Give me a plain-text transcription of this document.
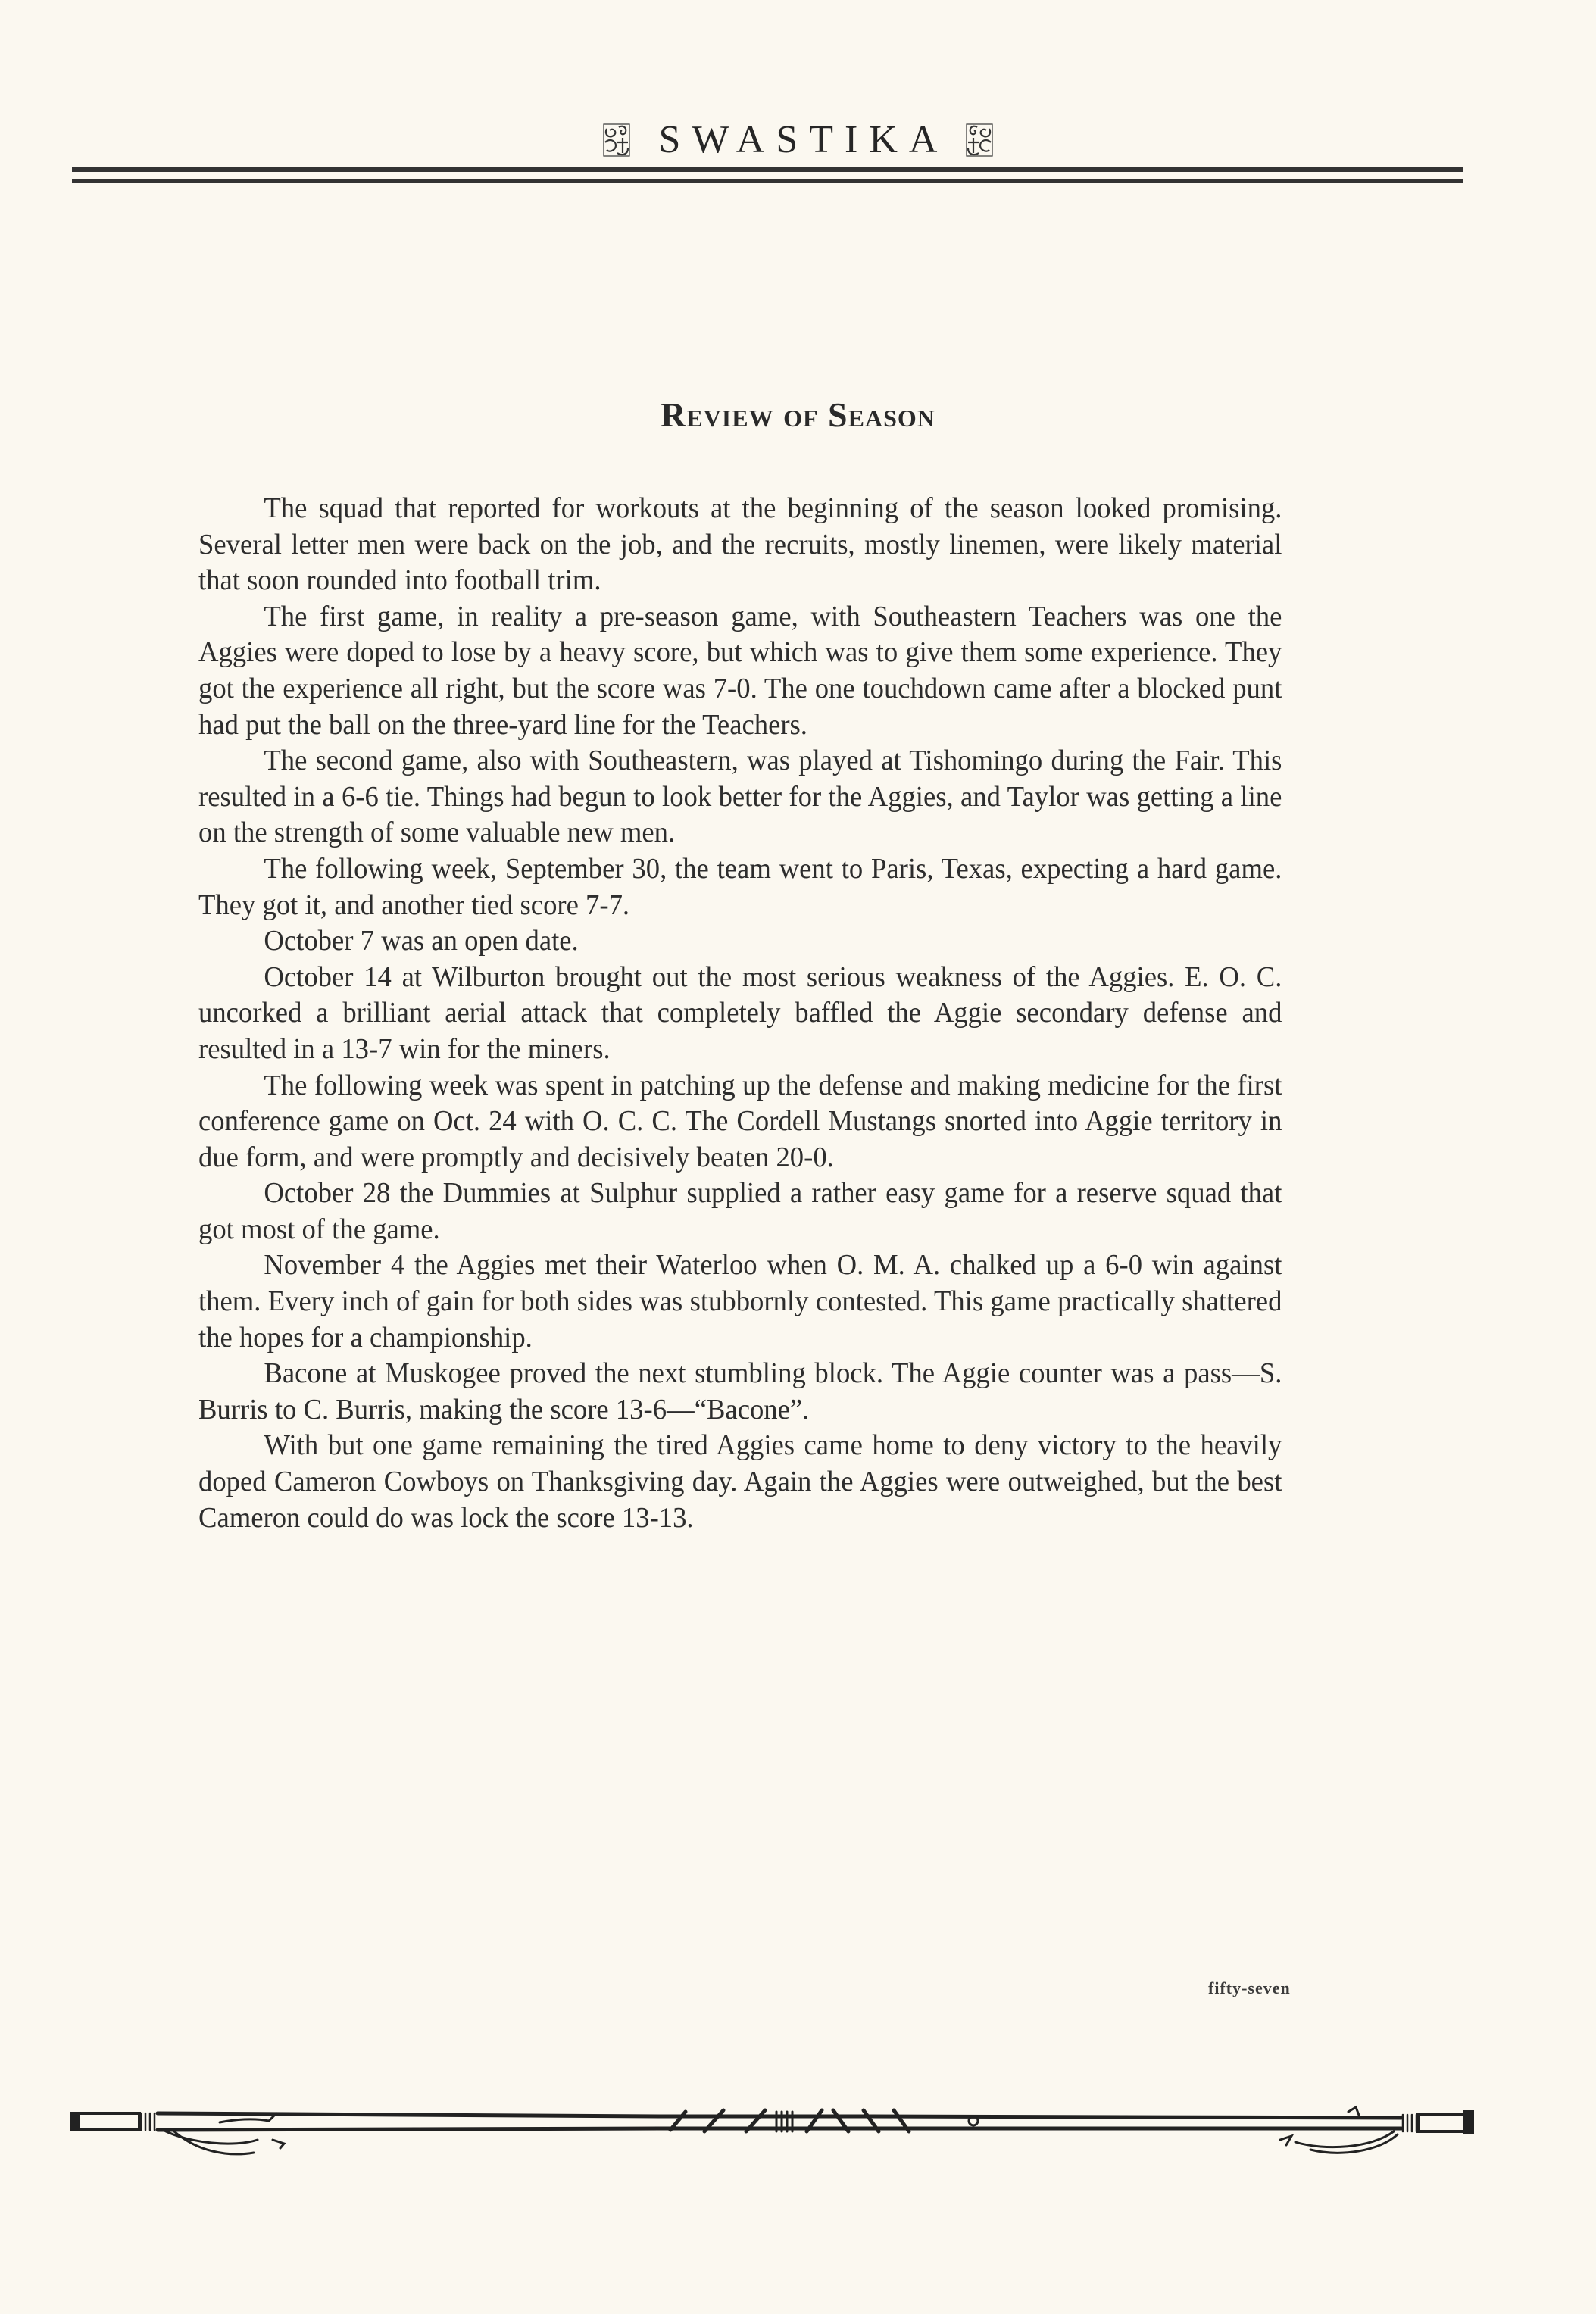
SWASTIKA
Review of Season

The squad that reported for workouts at the beginning of the season looked promising. Several letter men were back on the job, and the recruits, mostly linemen, were likely material that soon rounded into football trim.

The first game, in reality a pre-season game, with Southeastern Teachers was one the Aggies were doped to lose by a heavy score, but which was to give them some experience. They got the experience all right, but the score was 7-0. The one touchdown came after a blocked punt had put the ball on the three-yard line for the Teachers.

The second game, also with Southeastern, was played at Tishomingo during the Fair. This resulted in a 6-6 tie. Things had begun to look better for the Aggies, and Taylor was getting a line on the strength of some valuable new men.

The following week, September 30, the team went to Paris, Texas, expecting a hard game. They got it, and another tied score 7-7.

October 7 was an open date.

October 14 at Wilburton brought out the most serious weakness of the Aggies. E. O. C. uncorked a brilliant aerial attack that completely baffled the Aggie secondary defense and resulted in a 13-7 win for the miners.

The following week was spent in patching up the defense and making medicine for the first conference game on Oct. 24 with O. C. C. The Cordell Mustangs snorted into Aggie territory in due form, and were promptly and decisively beaten 20-0.

October 28 the Dummies at Sulphur supplied a rather easy game for a reserve squad that got most of the game.

November 4 the Aggies met their Waterloo when O. M. A. chalked up a 6-0 win against them. Every inch of gain for both sides was stubbornly contested. This game practically shattered the hopes for a championship.

Bacone at Muskogee proved the next stumbling block. The Aggie counter was a pass—S. Burris to C. Burris, making the score 13-6—“Bacone”.

With but one game remaining the tired Aggies came home to deny victory to the heavily doped Cameron Cowboys on Thanksgiving day. Again the Aggies were outweighed, but the best Cameron could do was lock the score 13-13.

fifty-seven
